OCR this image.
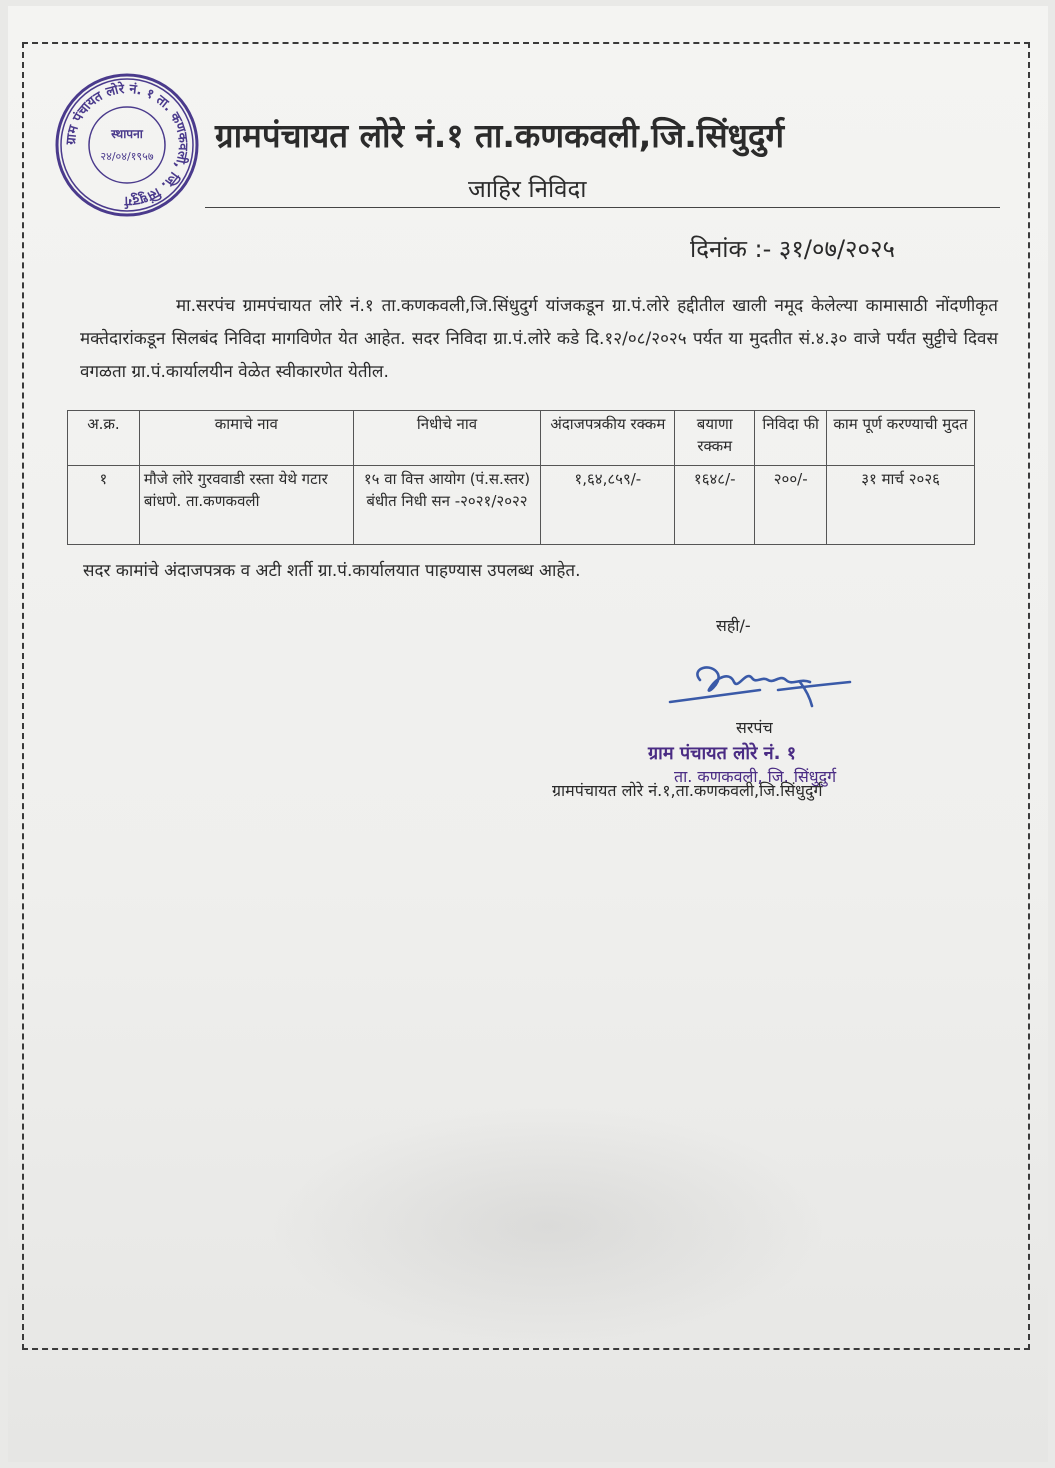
ग्राम पंचायत लोरे नं. १ ता. कणकवली, जि. सिंधुदुर्ग
स्थापना
२४/०४/१९५७
ग्रामपंचायत लोरे नं.१ ता.कणकवली,जि.सिंधुदुर्ग
जाहिर निविदा
दिनांक :- ३१/०७/२०२५
मा.सरपंच ग्रामपंचायत लोरे नं.१ ता.कणकवली,जि.सिंधुदुर्ग यांजकडून ग्रा.पं.लोरे हद्दीतील खाली नमूद केलेल्या कामासाठी नोंदणीकृत मक्तेदारांकडून सिलबंद निविदा मागविणेत येत आहेत. सदर निविदा ग्रा.पं.लोरे कडे दि.१२/०८/२०२५ पर्यत या मुदतीत सं.४.३० वाजे पर्यंत सुट्टीचे दिवस वगळता ग्रा.पं.कार्यालयीन वेळेत स्वीकारणेत येतील.
अ.क्र.	कामाचे नाव	निधीचे नाव	अंदाजपत्रकीय रक्कम	बयाणा रक्कम	निविदा फी	काम पूर्ण करण्याची मुदत
१	मौजे लोरे गुरववाडी रस्ता येथे गटार बांधणे. ता.कणकवली	१५ वा वित्त आयोग (पं.स.स्तर) बंधीत निधी सन -२०२१/२०२२	१,६४,८५९/-	१६४८/-	२००/-	३१ मार्च २०२६
सदर कामांचे अंदाजपत्रक व अटी शर्ती ग्रा.पं.कार्यालयात पाहण्यास उपलब्ध आहेत.
सही/-
सरपंच
ग्राम पंचायत लोरे नं. १
ता. कणकवली, जि. सिंधुदुर्ग
ग्रामपंचायत लोरे नं.१,ता.कणकवली,जि.सिंधुदुर्ग
